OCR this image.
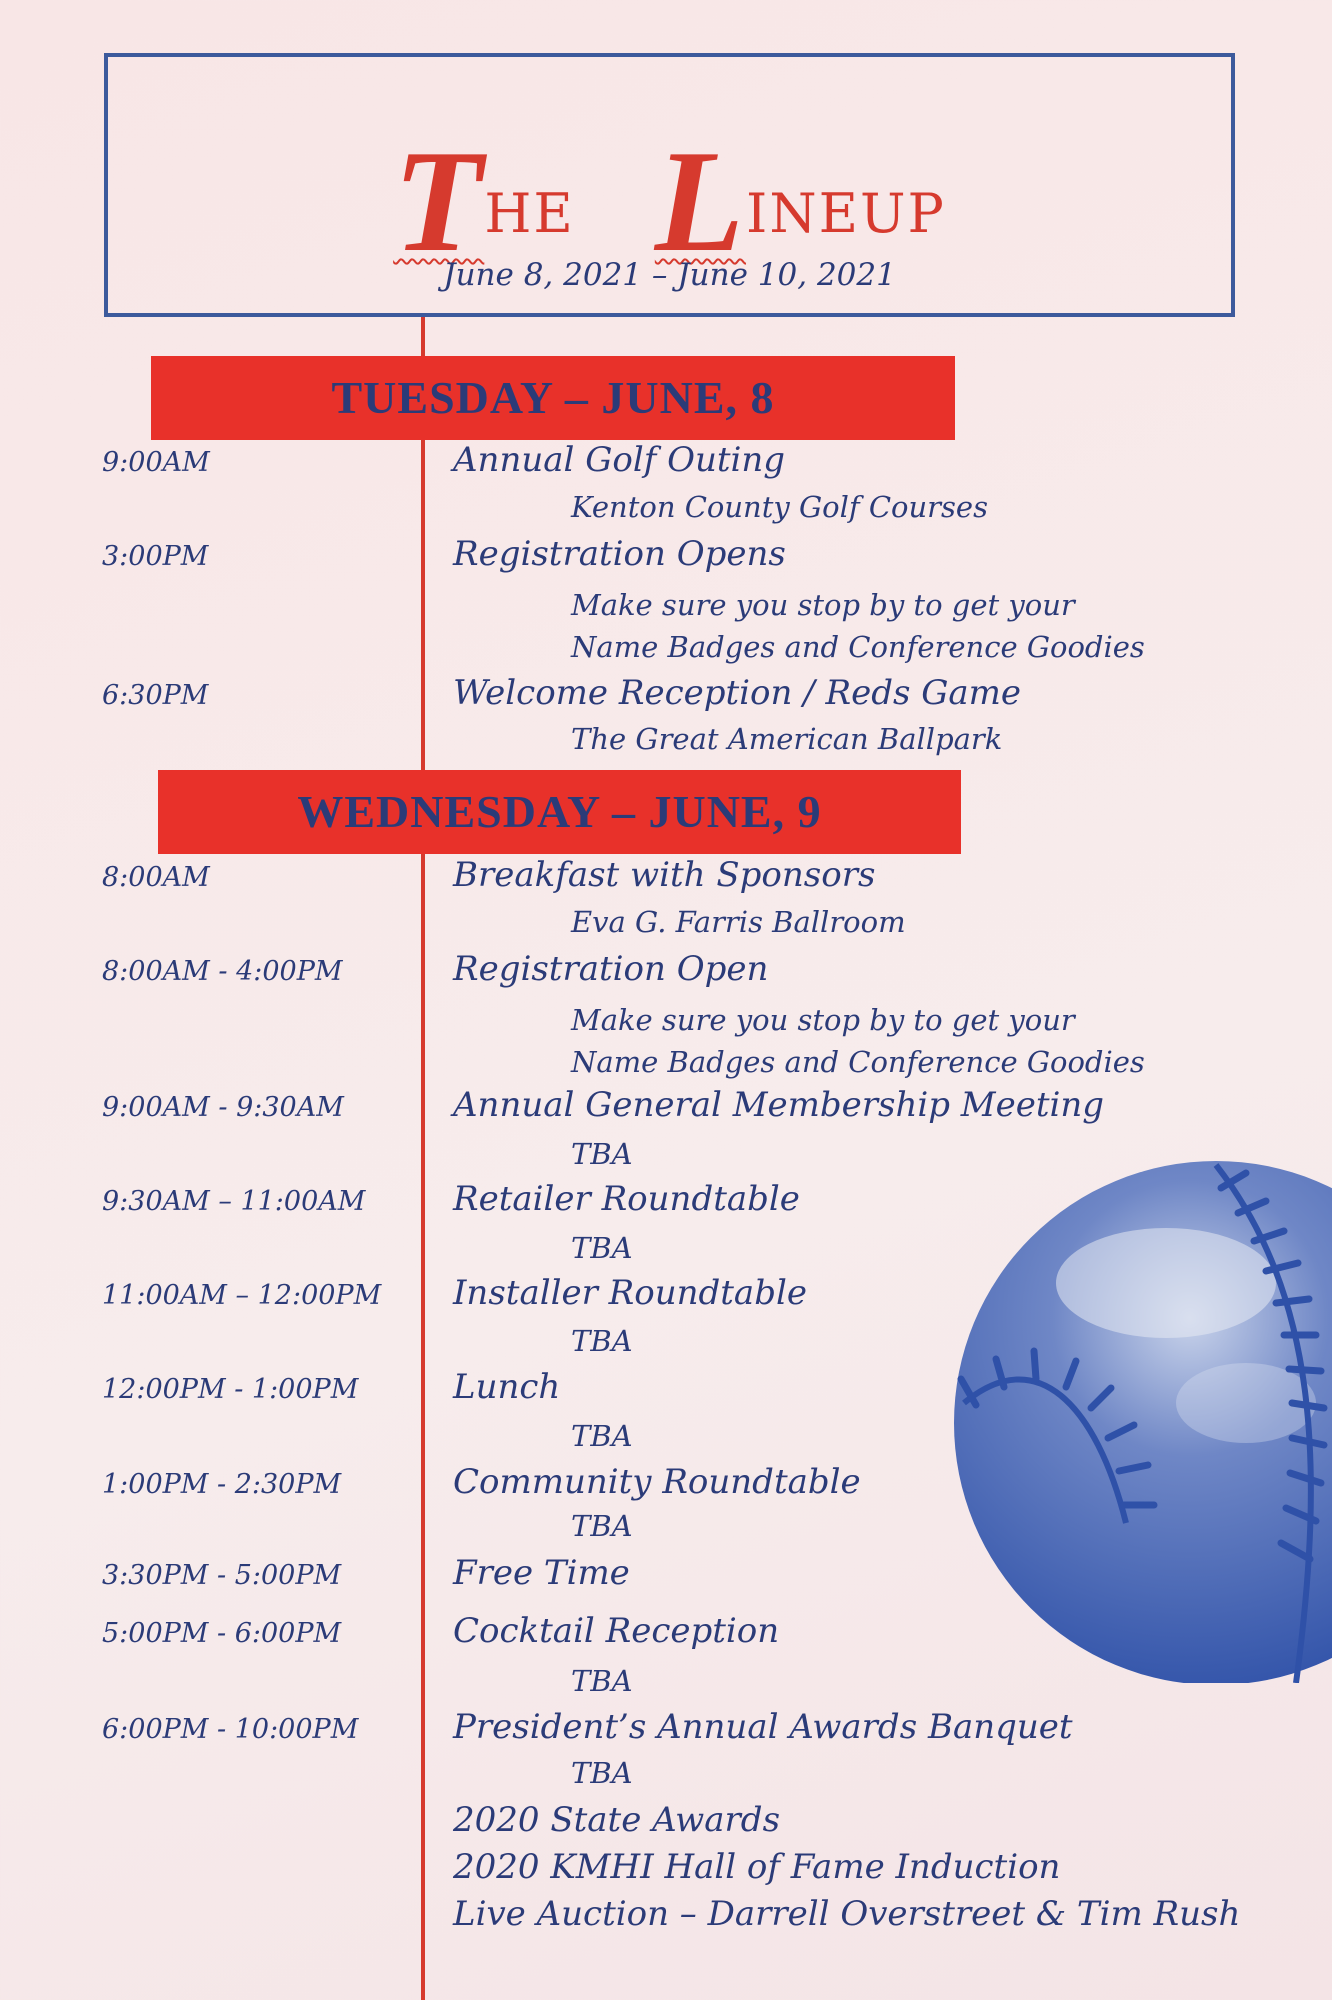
THE LINEUP
June 8, 2021 – June 10, 2021
TUESDAY – JUNE, 8
9:00AM	Annual Golf Outing
Kenton County Golf Courses
3:00PM	Registration Opens
Make sure you stop by to get your
Name Badges and Conference Goodies
6:30PM	Welcome Reception / Reds Game
The Great American Ballpark
WEDNESDAY – JUNE, 9
8:00AM	Breakfast with Sponsors
Eva G. Farris Ballroom
8:00AM - 4:00PM	Registration Open
Make sure you stop by to get your
Name Badges and Conference Goodies
9:00AM - 9:30AM	Annual General Membership Meeting
TBA
9:30AM – 11:00AM	Retailer Roundtable
TBA
11:00AM – 12:00PM Installer Roundtable
TBA
12:00PM - 1:00PM	Lunch
TBA
1:00PM - 2:30PM	Community Roundtable
TBA
3:30PM - 5:00PM	Free Time
5:00PM - 6:00PM	Cocktail Reception
TBA
6:00PM - 10:00PM	President’s Annual Awards Banquet
TBA
2020 State Awards
2020 KMHI Hall of Fame Induction
Live Auction – Darrell Overstreet & Tim Rush
